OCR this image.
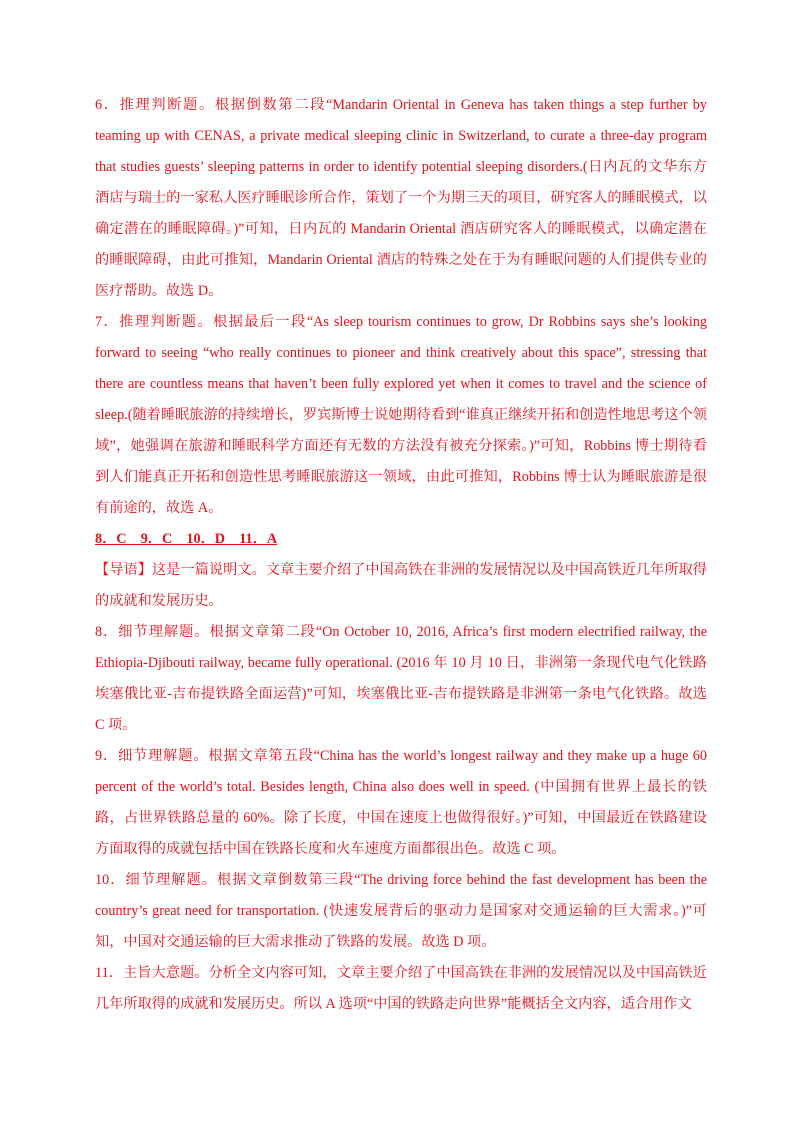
6．推理判断题。根据倒数第二段“Mandarin Oriental in Geneva has taken things a step further by teaming up with CENAS, a private medical sleeping clinic in Switzerland, to curate a three-day program that studies guests’ sleeping patterns in order to identify potential sleeping disorders.(日内瓦的文华东方酒店与瑞士的一家私人医疗睡眠诊所合作，策划了一个为期三天的项目，研究客人的睡眠模式，以确定潜在的睡眠障碍。)”可知，日内瓦的 Mandarin Oriental 酒店研究客人的睡眠模式，以确定潜在的睡眠障碍，由此可推知，Mandarin Oriental 酒店的特殊之处在于为有睡眠问题的人们提供专业的医疗帮助。故选 D。

7．推理判断题。根据最后一段“As sleep tourism continues to grow, Dr Robbins says she’s looking forward to seeing “who really continues to pioneer and think creatively about this space”, stressing that there are countless means that haven’t been fully explored yet when it comes to travel and the science of sleep.(随着睡眠旅游的持续增长，罗宾斯博士说她期待看到“谁真正继续开拓和创造性地思考这个领域”，她强调在旅游和睡眠科学方面还有无数的方法没有被充分探索。)”可知，Robbins 博士期待看到人们能真正开拓和创造性思考睡眠旅游这一领域，由此可推知，Robbins 博士认为睡眠旅游是很有前途的，故选 A。

8．C　9．C　10．D　11．A

【导语】这是一篇说明文。文章主要介绍了中国高铁在非洲的发展情况以及中国高铁近几年所取得的成就和发展历史。

8．细节理解题。根据文章第二段“On October 10, 2016, Africa’s first modern electrified railway, the Ethiopia-Djibouti railway, became fully operational. (2016 年 10 月 10 日，非洲第一条现代电气化铁路埃塞俄比亚-吉布提铁路全面运营)”可知，埃塞俄比亚-吉布提铁路是非洲第一条电气化铁路。故选 C 项。

9．细节理解题。根据文章第五段“China has the world’s longest railway and they make up a huge 60 percent of the world’s total. Besides length, China also does well in speed. (中国拥有世界上最长的铁路，占世界铁路总量的 60%。除了长度，中国在速度上也做得很好。)”可知，中国最近在铁路建设方面取得的成就包括中国在铁路长度和火车速度方面都很出色。故选 C 项。

10．细节理解题。根据文章倒数第三段“The driving force behind the fast development has been the country’s great need for transportation. (快速发展背后的驱动力是国家对交通运输的巨大需求。)”可知，中国对交通运输的巨大需求推动了铁路的发展。故选 D 项。

11．主旨大意题。分析全文内容可知，文章主要介绍了中国高铁在非洲的发展情况以及中国高铁近几年所取得的成就和发展历史。所以 A 选项“中国的铁路走向世界”能概括全文内容，适合用作文
